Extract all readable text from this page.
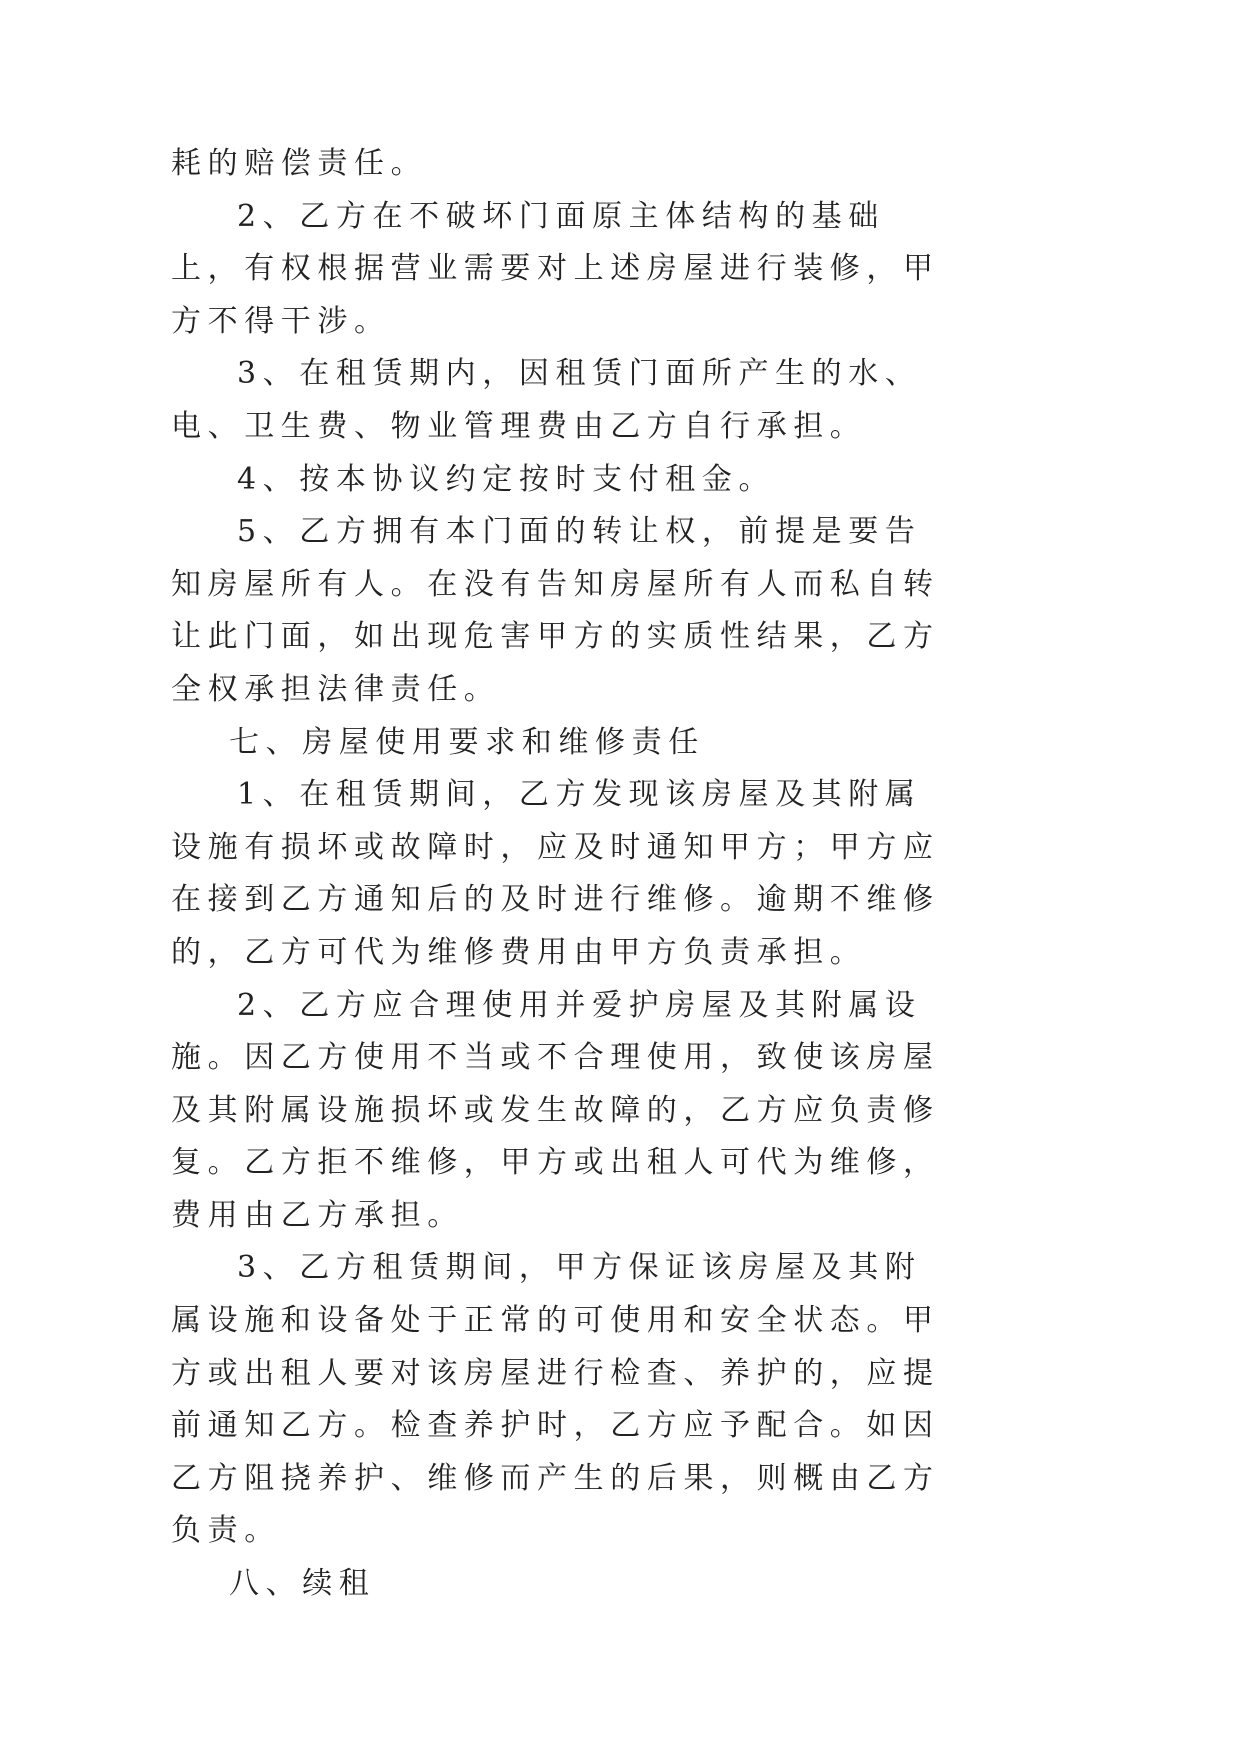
耗的赔偿责任。

2、乙方在不破坏门面原主体结构的基础上，有权根据营业需要对上述房屋进行装修，甲方不得干涉。

3、在租赁期内，因租赁门面所产生的水、电、卫生费、物业管理费由乙方自行承担。

4、按本协议约定按时支付租金。

5、乙方拥有本门面的转让权，前提是要告知房屋所有人。在没有告知房屋所有人而私自转让此门面，如出现危害甲方的实质性结果，乙方全权承担法律责任。

七、房屋使用要求和维修责任

1、在租赁期间，乙方发现该房屋及其附属设施有损坏或故障时，应及时通知甲方；甲方应在接到乙方通知后的及时进行维修。逾期不维修的，乙方可代为维修费用由甲方负责承担。

2、乙方应合理使用并爱护房屋及其附属设施。因乙方使用不当或不合理使用，致使该房屋及其附属设施损坏或发生故障的，乙方应负责修复。乙方拒不维修，甲方或出租人可代为维修，费用由乙方承担。

3、乙方租赁期间，甲方保证该房屋及其附属设施和设备处于正常的可使用和安全状态。甲方或出租人要对该房屋进行检查、养护的，应提前通知乙方。检查养护时，乙方应予配合。如因乙方阻挠养护、维修而产生的后果，则概由乙方负责。

八、续租
